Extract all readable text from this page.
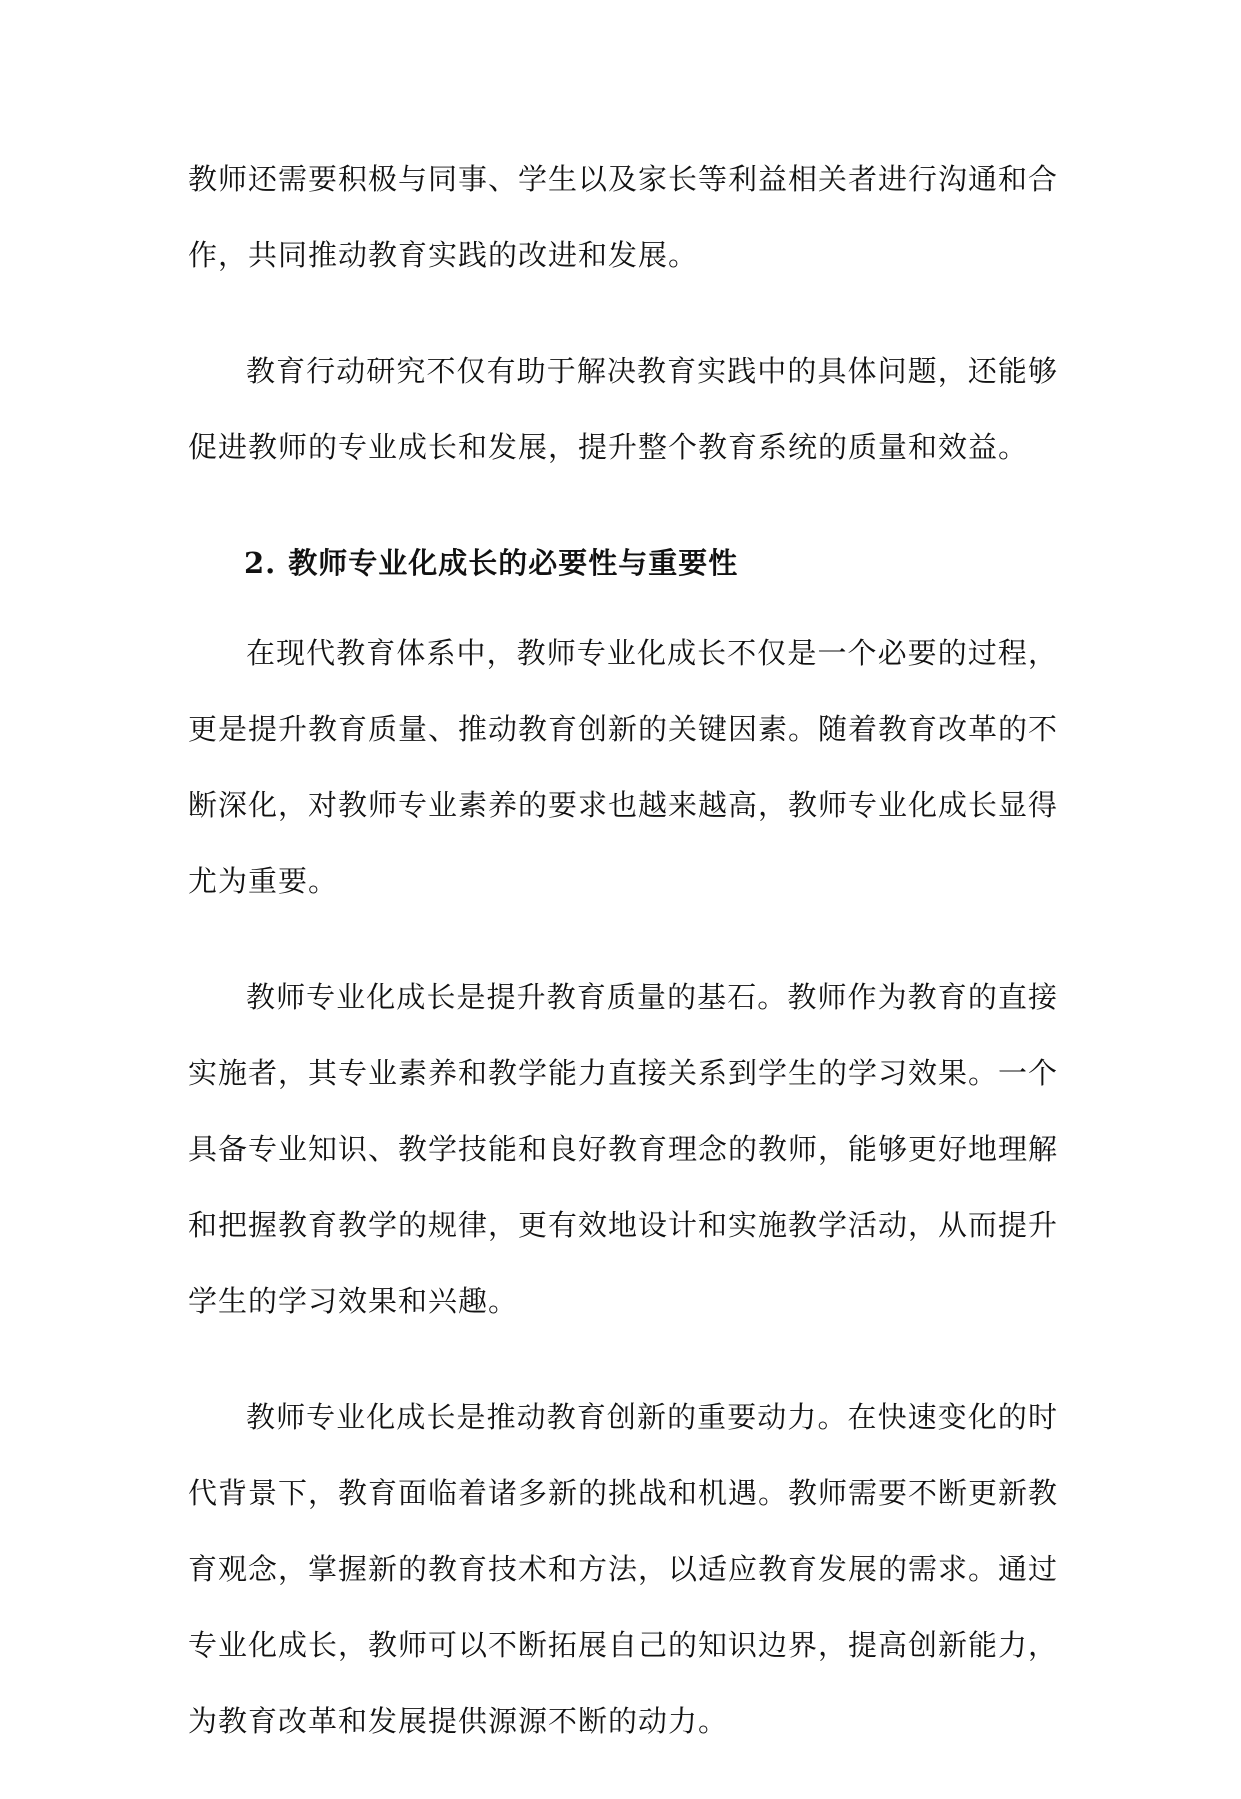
教师还需要积极与同事、学生以及家长等利益相关者进行沟通和合作，共同推动教育实践的改进和发展。

教育行动研究不仅有助于解决教育实践中的具体问题，还能够促进教师的专业成长和发展，提升整个教育系统的质量和效益。

2. 教师专业化成长的必要性与重要性

在现代教育体系中，教师专业化成长不仅是一个必要的过程，更是提升教育质量、推动教育创新的关键因素。随着教育改革的不断深化，对教师专业素养的要求也越来越高，教师专业化成长显得尤为重要。

教师专业化成长是提升教育质量的基石。教师作为教育的直接实施者，其专业素养和教学能力直接关系到学生的学习效果。一个具备专业知识、教学技能和良好教育理念的教师，能够更好地理解和把握教育教学的规律，更有效地设计和实施教学活动，从而提升学生的学习效果和兴趣。

教师专业化成长是推动教育创新的重要动力。在快速变化的时代背景下，教育面临着诸多新的挑战和机遇。教师需要不断更新教育观念，掌握新的教育技术和方法，以适应教育发展的需求。通过专业化成长，教师可以不断拓展自己的知识边界，提高创新能力，为教育改革和发展提供源源不断的动力。
